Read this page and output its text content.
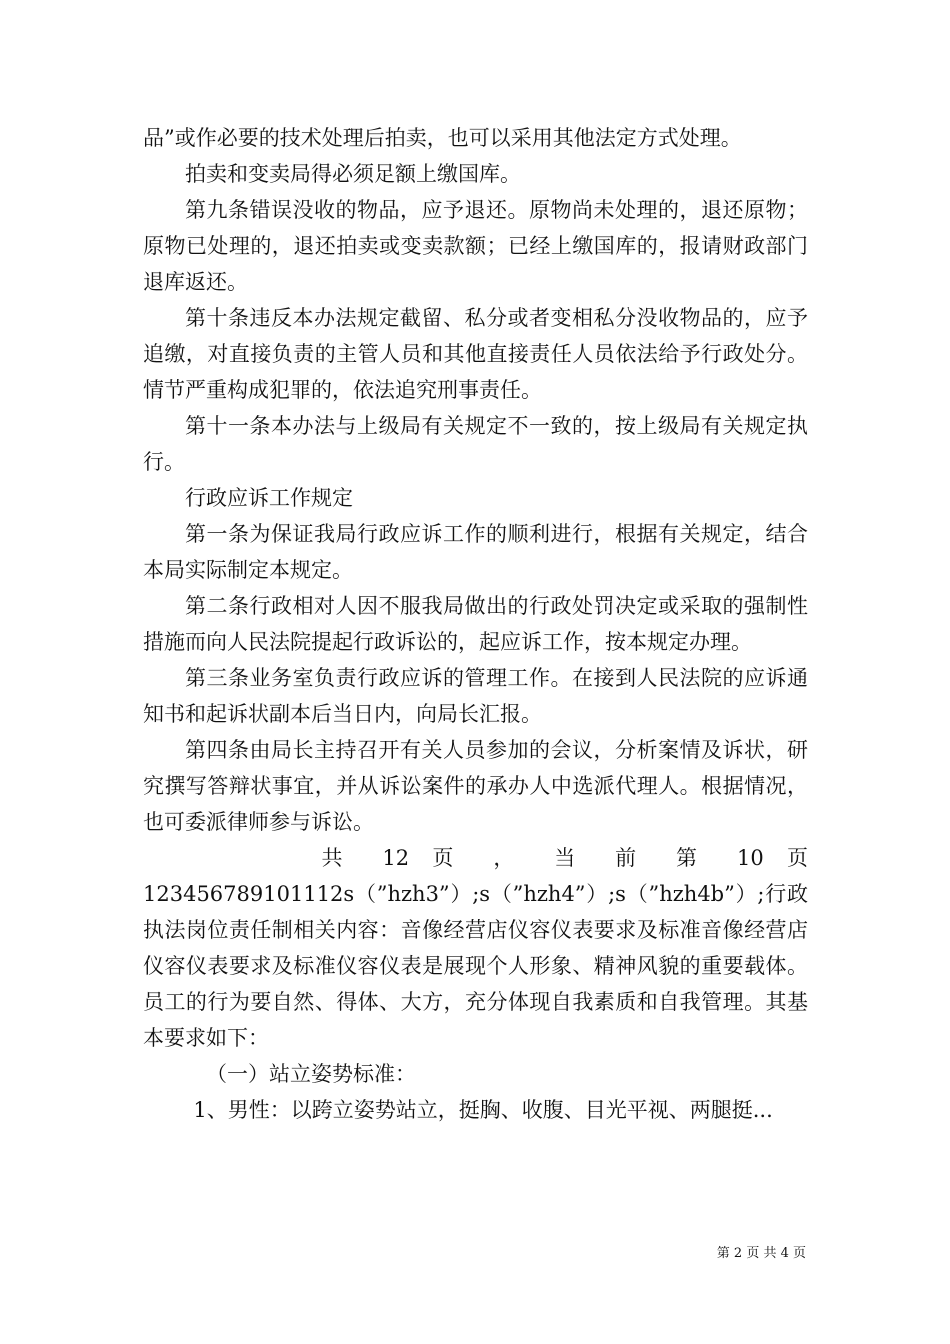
品”或作必要的技术处理后拍卖，也可以采用其他法定方式处理。

拍卖和变卖局得必须足额上缴国库。

第九条错误没收的物品，应予退还。原物尚未处理的，退还原物；原物已处理的，退还拍卖或变卖款额；已经上缴国库的，报请财政部门退库返还。

第十条违反本办法规定截留、私分或者变相私分没收物品的，应予追缴，对直接负责的主管人员和其他直接责任人员依法给予行政处分。情节严重构成犯罪的，依法追究刑事责任。

第十一条本办法与上级局有关规定不一致的，按上级局有关规定执行。

行政应诉工作规定

第一条为保证我局行政应诉工作的顺利进行，根据有关规定，结合本局实际制定本规定。

第二条行政相对人因不服我局做出的行政处罚决定或采取的强制性措施而向人民法院提起行政诉讼的，起应诉工作，按本规定办理。

第三条业务室负责行政应诉的管理工作。在接到人民法院的应诉通知书和起诉状副本后当日内，向局长汇报。

第四条由局长主持召开有关人员参加的会议，分析案情及诉状，研究撰写答辩状事宜，并从诉讼案件的承办人中选派代理人。根据情况，也可委派律师参与诉讼。

共 12 页 ， 当 前 第 10 页

123456789101112s（”hzh3”）;s（”hzh4”）;s（”hzh4b”）;行政执法岗位责任制相关内容：音像经营店仪容仪表要求及标准音像经营店仪容仪表要求及标准仪容仪表是展现个人形象、精神风貌的重要载体。员工的行为要自然、得体、大方，充分体现自我素质和自我管理。其基本要求如下：

（一）站立姿势标准：

1、男性：以跨立姿势站立，挺胸、收腹、目光平视、两腿挺...

第 2 页 共 4 页
